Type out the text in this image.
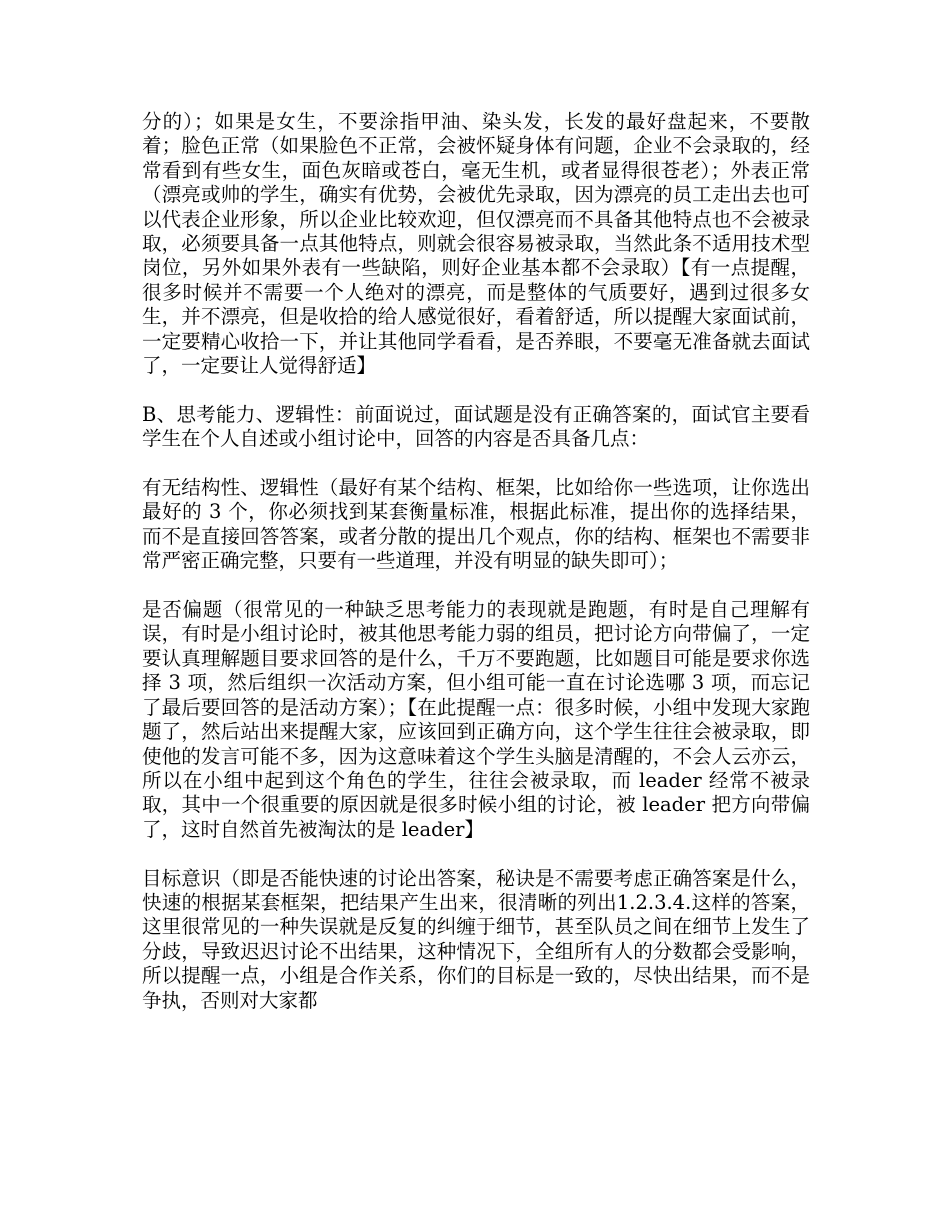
分的）；如果是女生，不要涂指甲油、染头发，长发的最好盘起来，不要散着；脸色正常（如果脸色不正常，会被怀疑身体有问题，企业不会录取的，经常看到有些女生，面色灰暗或苍白，毫无生机，或者显得很苍老）；外表正常（漂亮或帅的学生，确实有优势，会被优先录取，因为漂亮的员工走出去也可以代表企业形象，所以企业比较欢迎，但仅漂亮而不具备其他特点也不会被录取，必须要具备一点其他特点，则就会很容易被录取，当然此条不适用技术型岗位，另外如果外表有一些缺陷，则好企业基本都不会录取）【有一点提醒，很多时候并不需要一个人绝对的漂亮，而是整体的气质要好，遇到过很多女生，并不漂亮，但是收拾的给人感觉很好，看着舒适，所以提醒大家面试前，一定要精心收拾一下，并让其他同学看看，是否养眼，不要毫无准备就去面试了，一定要让人觉得舒适】

B、思考能力、逻辑性：前面说过，面试题是没有正确答案的，面试官主要看学生在个人自述或小组讨论中，回答的内容是否具备几点：

有无结构性、逻辑性（最好有某个结构、框架，比如给你一些选项，让你选出最好的 3 个，你必须找到某套衡量标准，根据此标准，提出你的选择结果，而不是直接回答答案，或者分散的提出几个观点，你的结构、框架也不需要非常严密正确完整，只要有一些道理，并没有明显的缺失即可）；

是否偏题（很常见的一种缺乏思考能力的表现就是跑题，有时是自己理解有误，有时是小组讨论时，被其他思考能力弱的组员，把讨论方向带偏了，一定要认真理解题目要求回答的是什么，千万不要跑题，比如题目可能是要求你选择 3 项，然后组织一次活动方案，但小组可能一直在讨论选哪 3 项，而忘记了最后要回答的是活动方案）；【在此提醒一点：很多时候，小组中发现大家跑题了，然后站出来提醒大家，应该回到正确方向，这个学生往往会被录取，即使他的发言可能不多，因为这意味着这个学生头脑是清醒的，不会人云亦云，所以在小组中起到这个角色的学生，往往会被录取，而 leader 经常不被录取，其中一个很重要的原因就是很多时候小组的讨论，被 leader 把方向带偏了，这时自然首先被淘汰的是 leader】

目标意识（即是否能快速的讨论出答案，秘诀是不需要考虑正确答案是什么，快速的根据某套框架，把结果产生出来，很清晰的列出1.2.3.4.这样的答案，这里很常见的一种失误就是反复的纠缠于细节，甚至队员之间在细节上发生了分歧，导致迟迟讨论不出结果，这种情况下，全组所有人的分数都会受影响，所以提醒一点，小组是合作关系，你们的目标是一致的，尽快出结果，而不是争执，否则对大家都
